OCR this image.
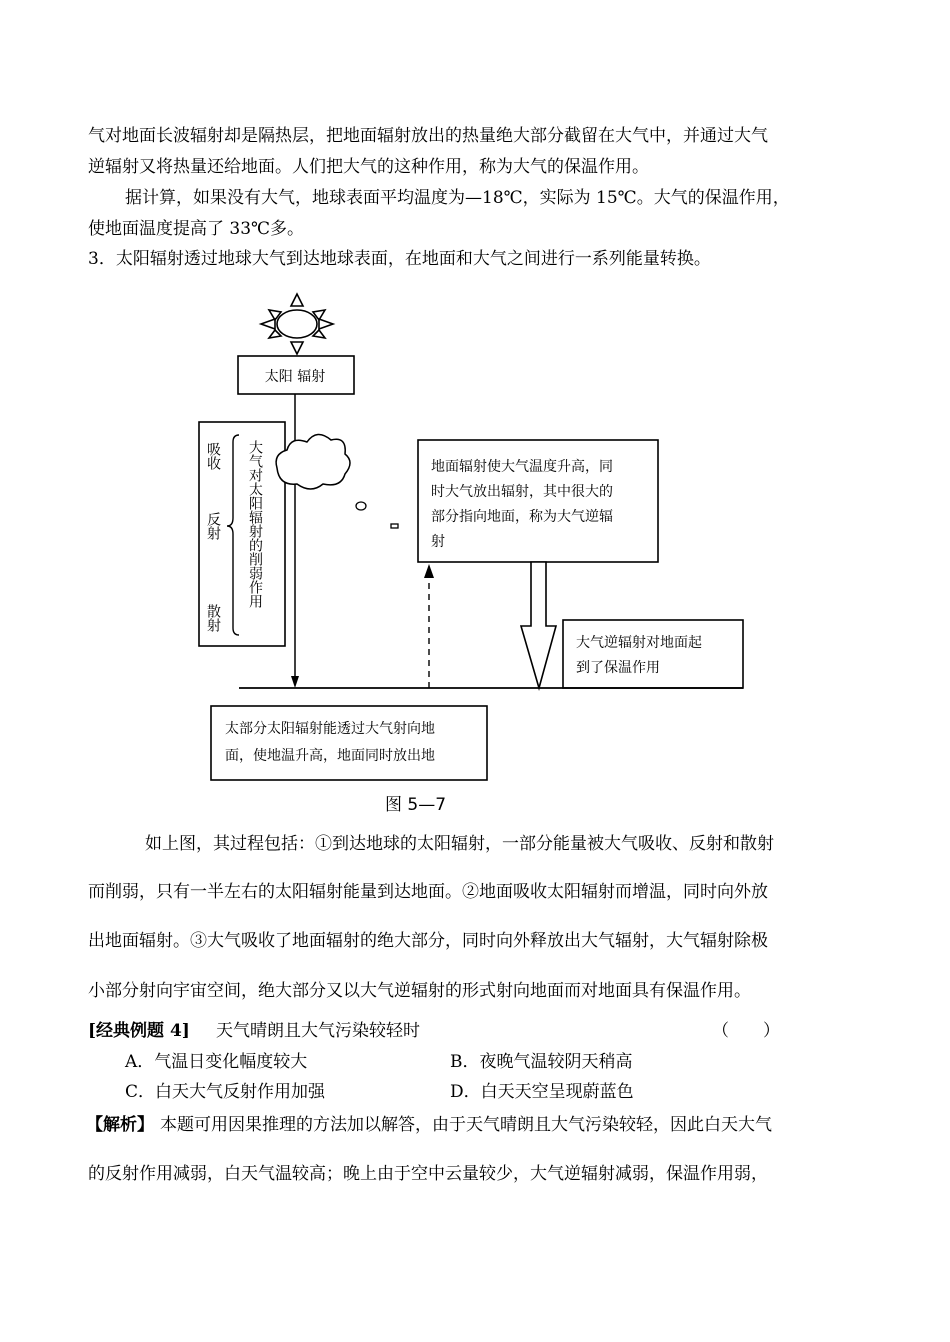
气对地面长波辐射却是隔热层，把地面辐射放出的热量绝大部分截留在大气中，并通过大气
逆辐射又将热量还给地面。人们把大气的这种作用，称为大气的保温作用。
据计算，如果没有大气，地球表面平均温度为—18℃，实际为 15℃。大气的保温作用，
使地面温度提高了 33℃多。
3．太阳辐射透过地球大气到达地球表面，在地面和大气之间进行一系列能量转换。
太阳 辐射
吸收
反射
散射
大气对太阳辐射的削弱作用	地面辐射使大气温度升高，同
时大气放出辐射，其中很大的
部分指向地面，称为大气逆辐
射
大气逆辐射对地面起
到了保温作用
太部分太阳辐射能透过大气射向地
面，使地温升高，地面同时放出地
图 5—7
如上图，其过程包括：①到达地球的太阳辐射，一部分能量被大气吸收、反射和散射
而削弱，只有一半左右的太阳辐射能量到达地面。②地面吸收太阳辐射而增温，同时向外放
出地面辐射。③大气吸收了地面辐射的绝大部分，同时向外释放出大气辐射，大气辐射除极
小部分射向宇宙空间，绝大部分又以大气逆辐射的形式射向地面而对地面具有保温作用。
[经典例题 4] 天气晴朗且大气污染较轻时	（　　）
A．气温日变化幅度较大	B．夜晚气温较阴天稍高
C．白天大气反射作用加强	D．白天天空呈现蔚蓝色
【解析】 本题可用因果推理的方法加以解答，由于天气晴朗且大气污染较轻，因此白天大气
的反射作用减弱，白天气温较高；晚上由于空中云量较少，大气逆辐射减弱，保温作用弱，
